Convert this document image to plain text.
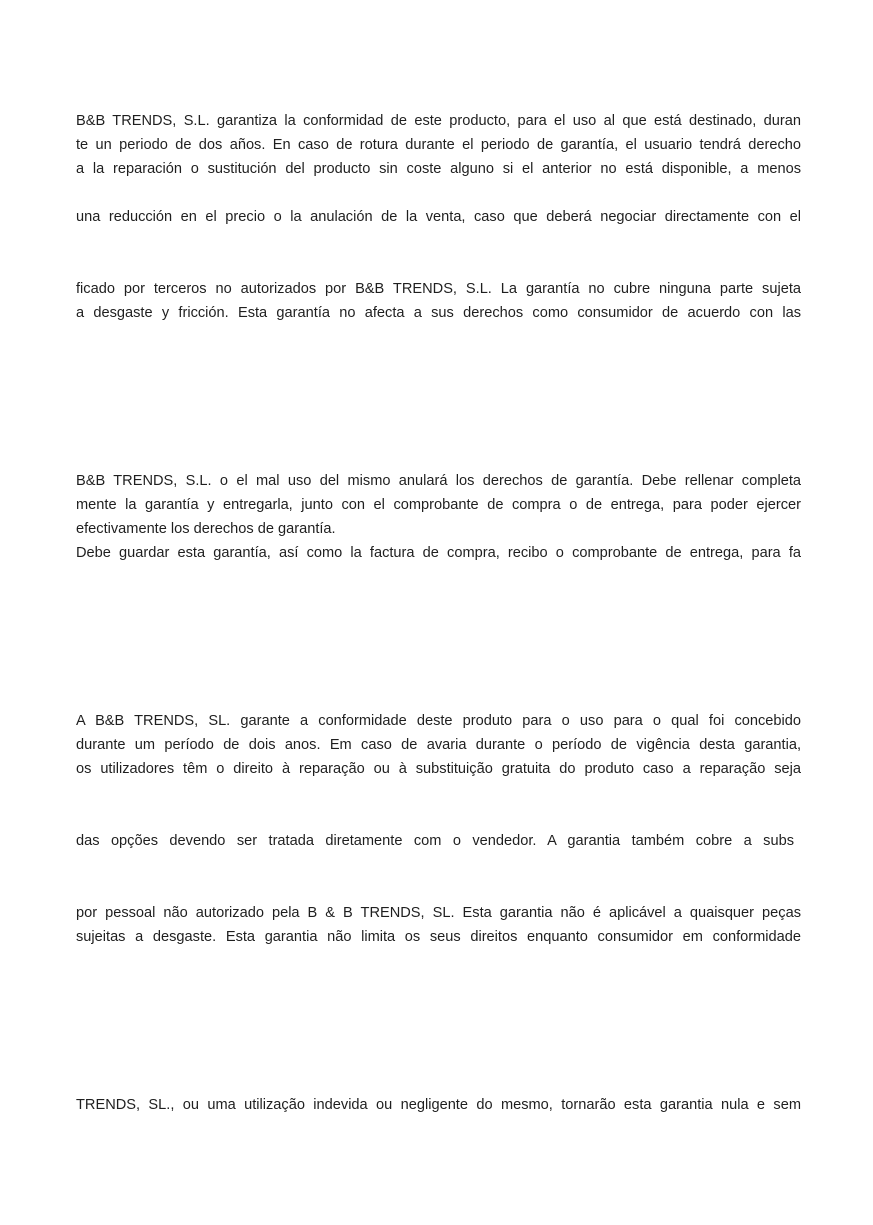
B&B TRENDS, S.L. garantiza la conformidad de este producto, para el uso al que está destinado, duran
te un periodo de dos años. En caso de rotura durante el periodo de garantía, el usuario tendrá derecho
a la reparación o sustitución del producto sin coste alguno si el anterior no está disponible, a menos
una reducción en el precio o la anulación de la venta, caso que deberá negociar directamente con el
ficado por terceros no autorizados por B&B TRENDS, S.L. La garantía no cubre ninguna parte sujeta
a desgaste y fricción. Esta garantía no afecta a sus derechos como consumidor de acuerdo con las
B&B TRENDS, S.L. o el mal uso del mismo anulará los derechos de garantía. Debe rellenar completa
mente la garantía y entregarla, junto con el comprobante de compra o de entrega, para poder ejercer
efectivamente los derechos de garantía.
Debe guardar esta garantía, así como la factura de compra, recibo o comprobante de entrega, para fa
A B&B TRENDS, SL. garante a conformidade deste produto para o uso para o qual foi concebido
durante um período de dois anos. Em caso de avaria durante o período de vigência desta garantia,
os utilizadores têm o direito à reparação ou à substituição gratuita do produto caso a reparação seja
das opções devendo ser tratada diretamente com o vendedor. A garantia também cobre a subs
por pessoal não autorizado pela B & B TRENDS, SL. Esta garantia não é aplicável a quaisquer peças
sujeitas a desgaste. Esta garantia não limita os seus direitos enquanto consumidor em conformidade
TRENDS, SL., ou uma utilização indevida ou negligente do mesmo, tornarão esta garantia nula e sem
